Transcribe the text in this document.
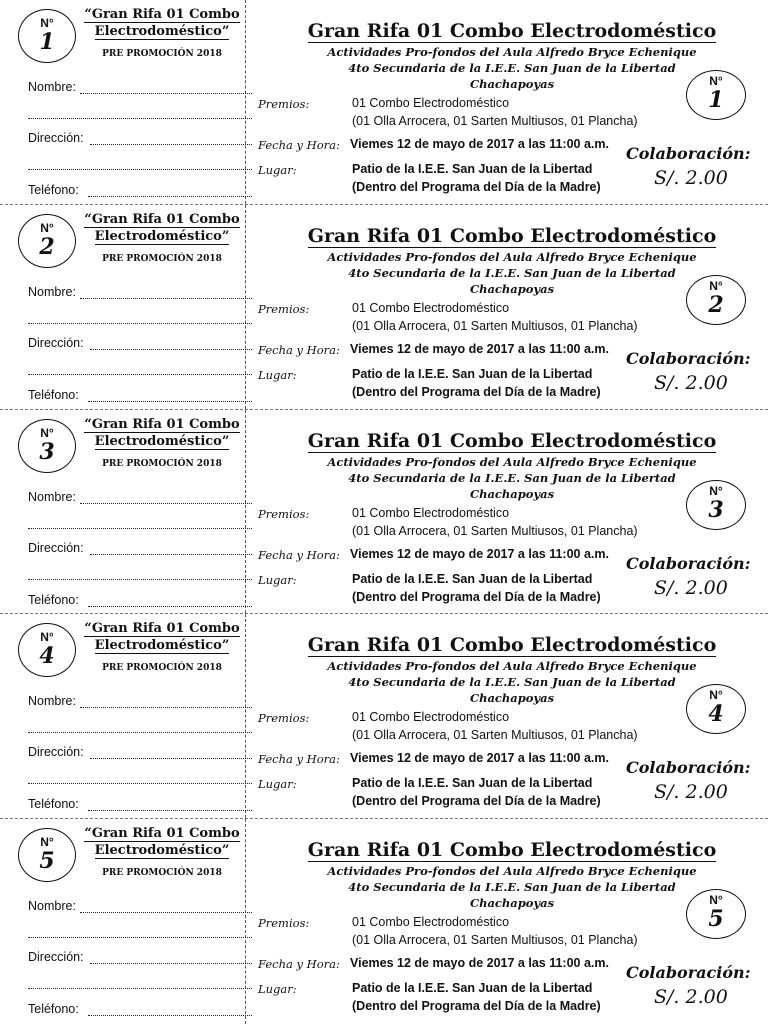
N°
1
“Gran Rifa 01 Combo
Electrodoméstico”
PRE PROMOCIÓN 2018
Nombre:
Dirección:
Teléfono:
Gran Rifa 01 Combo Electrodoméstico
Actividades Pro-fondos del Aula Alfredo Bryce Echenique
4to Secundaria de la I.E.E. San Juan de la Libertad
Chachapoyas	N°
1
Premios:	01 Combo Electrodoméstico
(01 Olla Arrocera, 01 Sarten Multiusos, 01 Plancha)
Fecha y Hora: Viemes 12 de mayo de 2017 a las 11:00 a.m.
Lugar:	Patio de la I.E.E. San Juan de la Libertad
(Dentro del Programa del Día de la Madre)
Colaboración:
S/. 2.00
N°
2
“Gran Rifa 01 Combo
Electrodoméstico”
PRE PROMOCIÓN 2018
Nombre:
Dirección:
Teléfono:
Gran Rifa 01 Combo Electrodoméstico
Actividades Pro-fondos del Aula Alfredo Bryce Echenique
4to Secundaria de la I.E.E. San Juan de la Libertad
Chachapoyas	N°
2
Premios:	01 Combo Electrodoméstico
(01 Olla Arrocera, 01 Sarten Multiusos, 01 Plancha)
Fecha y Hora: Viemes 12 de mayo de 2017 a las 11:00 a.m.
Lugar:	Patio de la I.E.E. San Juan de la Libertad
(Dentro del Programa del Día de la Madre)
Colaboración:
S/. 2.00
N°
3
“Gran Rifa 01 Combo
Electrodoméstico”
PRE PROMOCIÓN 2018
Nombre:
Dirección:
Teléfono:
Gran Rifa 01 Combo Electrodoméstico
Actividades Pro-fondos del Aula Alfredo Bryce Echenique
4to Secundaria de la I.E.E. San Juan de la Libertad
Chachapoyas	N°
3
Premios:	01 Combo Electrodoméstico
(01 Olla Arrocera, 01 Sarten Multiusos, 01 Plancha)
Fecha y Hora: Viemes 12 de mayo de 2017 a las 11:00 a.m.
Lugar:	Patio de la I.E.E. San Juan de la Libertad
(Dentro del Programa del Día de la Madre)
Colaboración:
S/. 2.00
N°
4
“Gran Rifa 01 Combo
Electrodoméstico”
PRE PROMOCIÓN 2018
Nombre:
Dirección:
Teléfono:
Gran Rifa 01 Combo Electrodoméstico
Actividades Pro-fondos del Aula Alfredo Bryce Echenique
4to Secundaria de la I.E.E. San Juan de la Libertad
Chachapoyas	N°
4
Premios:	01 Combo Electrodoméstico
(01 Olla Arrocera, 01 Sarten Multiusos, 01 Plancha)
Fecha y Hora: Viemes 12 de mayo de 2017 a las 11:00 a.m.
Lugar:	Patio de la I.E.E. San Juan de la Libertad
(Dentro del Programa del Día de la Madre)
Colaboración:
S/. 2.00
N°
5
“Gran Rifa 01 Combo
Electrodoméstico”
PRE PROMOCIÓN 2018
Nombre:
Dirección:
Teléfono:
Gran Rifa 01 Combo Electrodoméstico
Actividades Pro-fondos del Aula Alfredo Bryce Echenique
4to Secundaria de la I.E.E. San Juan de la Libertad
Chachapoyas	N°
5
Premios:	01 Combo Electrodoméstico
(01 Olla Arrocera, 01 Sarten Multiusos, 01 Plancha)
Fecha y Hora: Viemes 12 de mayo de 2017 a las 11:00 a.m.
Lugar:	Patio de la I.E.E. San Juan de la Libertad
(Dentro del Programa del Día de la Madre)
Colaboración:
S/. 2.00
